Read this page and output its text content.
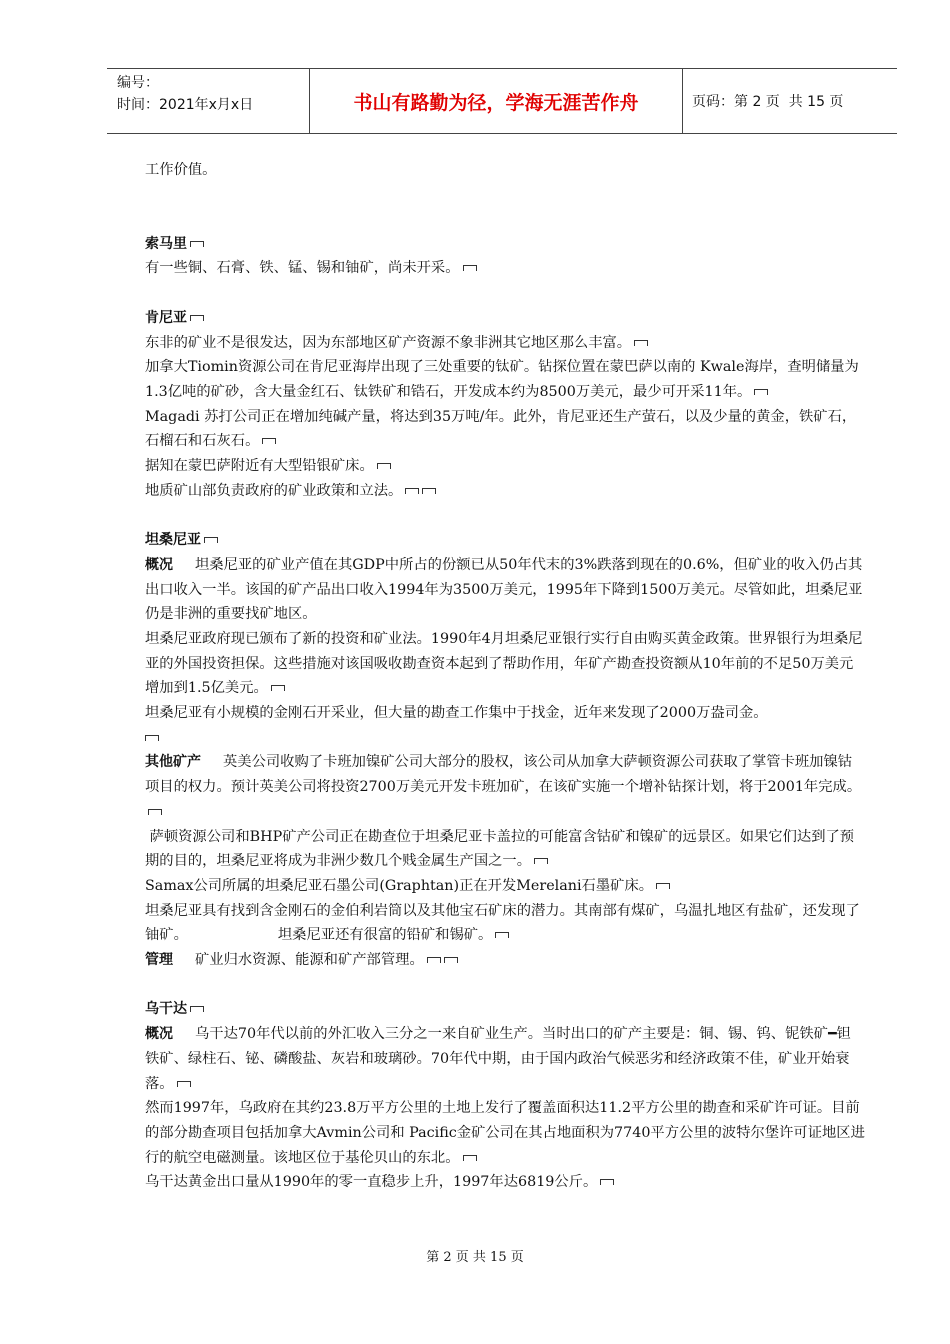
编号：
时间：2021年x月x日	书山有路勤为径，学海无涯苦作舟	页码：第 2 页  共 15 页

工作价值。

索马里

有一些铜、石膏、铁、锰、锡和铀矿，尚未开采。

肯尼亚

东非的矿业不是很发达，因为东部地区矿产资源不象非洲其它地区那么丰富。

加拿大Tiomin资源公司在肯尼亚海岸出现了三处重要的钛矿。钻探位置在蒙巴萨以南的 Kwale海岸，查明储量为1.3亿吨的矿砂，含大量金红石、钛铁矿和锆石，开发成本约为8500万美元，最少可开采11年。

Magadi 苏打公司正在增加纯碱产量，将达到35万吨/年。此外，肯尼亚还生产萤石，以及少量的黄金，铁矿石，石榴石和石灰石。

据知在蒙巴萨附近有大型铅银矿床。

地质矿山部负责政府的矿业政策和立法。

坦桑尼亚

概况 坦桑尼亚的矿业产值在其GDP中所占的份额已从50年代末的3%跌落到现在的0.6%，但矿业的收入仍占其出口收入一半。该国的矿产品出口收入1994年为3500万美元，1995年下降到1500万美元。尽管如此，坦桑尼亚仍是非洲的重要找矿地区。

坦桑尼亚政府现已颁布了新的投资和矿业法。1990年4月坦桑尼亚银行实行自由购买黄金政策。世界银行为坦桑尼亚的外国投资担保。这些措施对该国吸收勘查资本起到了帮助作用，年矿产勘查投资额从10年前的不足50万美元增加到1.5亿美元。

坦桑尼亚有小规模的金刚石开采业，但大量的勘查工作集中于找金，近年来发现了2000万盎司金。

其他矿产 英美公司收购了卡班加镍矿公司大部分的股权，该公司从加拿大萨顿资源公司获取了掌管卡班加镍钴项目的权力。预计英美公司将投资2700万美元开发卡班加矿，在该矿实施一个增补钻探计划，将于2001年完成。

萨顿资源公司和BHP矿产公司正在勘查位于坦桑尼亚卡盖拉的可能富含钴矿和镍矿的远景区。如果它们达到了预期的目的，坦桑尼亚将成为非洲少数几个贱金属生产国之一。

Samax公司所属的坦桑尼亚石墨公司(Graphtan)正在开发Merelani石墨矿床。

坦桑尼亚具有找到含金刚石的金伯利岩筒以及其他宝石矿床的潜力。其南部有煤矿，乌温扎地区有盐矿，还发现了铀矿。	坦桑尼亚还有很富的铅矿和锡矿。

管理 矿业归水资源、能源和矿产部管理。

乌干达

概况 乌干达70年代以前的外汇收入三分之一来自矿业生产。当时出口的矿产主要是：铜、锡、钨、铌铁矿━钽铁矿、绿柱石、铋、磷酸盐、灰岩和玻璃砂。70年代中期，由于国内政治气候恶劣和经济政策不佳，矿业开始衰落。

然而1997年，乌政府在其约23.8万平方公里的土地上发行了覆盖面积达11.2平方公里的勘查和采矿许可证。目前的部分勘查项目包括加拿大Avmin公司和 Pacific金矿公司在其占地面积为7740平方公里的波特尔堡许可证地区进行的航空电磁测量。该地区位于基伦贝山的东北。

乌干达黄金出口量从1990年的零一直稳步上升，1997年达6819公斤。

第 2 页 共 15 页
